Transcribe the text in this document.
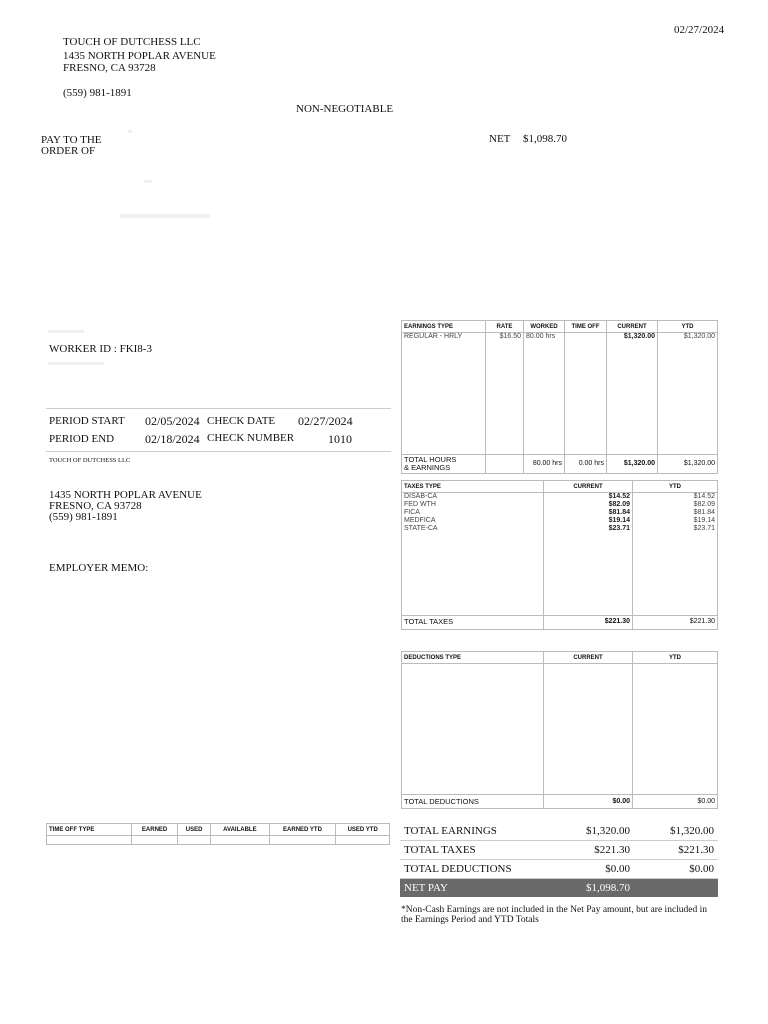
02/27/2024
TOUCH OF DUTCHESS LLC
1435 NORTH POPLAR AVENUE
FRESNO, CA 93728
(559) 981-1891
NON-NEGOTIABLE
PAY TO THE
ORDER OF
NET $1,098.70
WORKER ID : FKI8-3
PERIOD START 02/05/2024 CHECK DATE 02/27/2024
PERIOD END	02/18/2024 CHECK NUMBER	1010
TOUCH OF DUTCHESS LLC
1435 NORTH POPLAR AVENUE
FRESNO, CA 93728
(559) 981-1891
EMPLOYER MEMO:
TIME OFF TYPE	EARNED	USED	AVAILABLE	EARNED YTD	USED YTD

EARNINGS TYPE	RATE	WORKED	TIME OFF	CURRENT	YTD
REGULAR - HRLY	$16.50	80.00 hrs		$1,320.00	$1,320.00

TOTAL HOURS
& EARNINGS		80.00 hrs	0.00 hrs	$1,320.00	$1,320.00
TAXES TYPE	CURRENT	YTD
DISAB-CA	$14.52	$14.52
FED WTH	$82.09	$82.09
FICA	$81.84	$81.84
MEDFICA	$19.14	$19.14
STATE-CA	$23.71	$23.71
TOTAL TAXES	$221.30	$221.30
DEDUCTIONS TYPE	CURRENT	YTD

TOTAL DEDUCTIONS	$0.00	$0.00
TOTAL EARNINGS	$1,320.00	$1,320.00
TOTAL TAXES	$221.30	$221.30
TOTAL DEDUCTIONS	$0.00	$0.00
NET PAY	$1,098.70
*Non-Cash Earnings are not included in the Net Pay amount, but are included in the Earnings Period and YTD Totals
